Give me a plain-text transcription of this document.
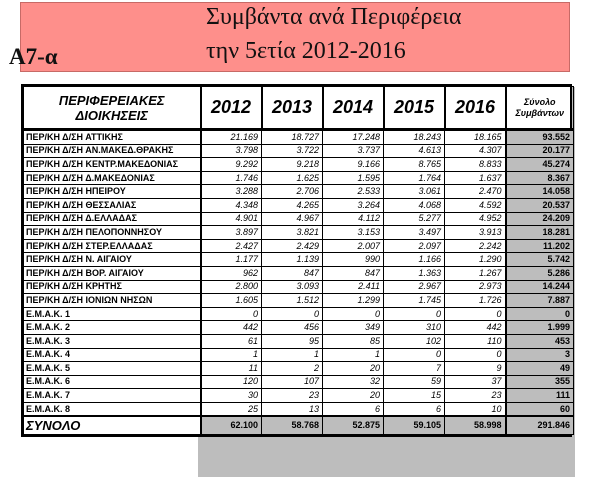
A7-α
Συμβάντα ανά Περιφέρεια
την 5ετία 2012-2016
ΠΕΡΙΦΕΡΕΙΑΚΕΣ
ΔΙΟΙΚΗΣΕΙΣ	2012	2013	2014	2015	2016	Σύνολο
Συμβάντων
ΠΕΡ/ΚΗ Δ/ΣΗ ΑΤΤΙΚΗΣ	21.169	18.727	17.248	18.243	18.165	93.552
ΠΕΡ/ΚΗ Δ/ΣΗ ΑΝ.ΜΑΚΕΔ.ΘΡΑΚΗΣ	3.798	3.722	3.737	4.613	4.307	20.177
ΠΕΡ/ΚΗ Δ/ΣΗ ΚΕΝΤΡ.ΜΑΚΕΔΟΝΙΑΣ	9.292	9.218	9.166	8.765	8.833	45.274
ΠΕΡ/ΚΗ Δ/ΣΗ Δ.ΜΑΚΕΔΟΝΙΑΣ	1.746	1.625	1.595	1.764	1.637	8.367
ΠΕΡ/ΚΗ Δ/ΣΗ ΗΠΕΙΡΟΥ	3.288	2.706	2.533	3.061	2.470	14.058
ΠΕΡ/ΚΗ Δ/ΣΗ ΘΕΣΣΑΛΙΑΣ	4.348	4.265	3.264	4.068	4.592	20.537
ΠΕΡ/ΚΗ Δ/ΣΗ Δ.ΕΛΛΑΔΑΣ	4.901	4.967	4.112	5.277	4.952	24.209
ΠΕΡ/ΚΗ Δ/ΣΗ ΠΕΛΟΠΟΝΝΗΣΟΥ	3.897	3.821	3.153	3.497	3.913	18.281
ΠΕΡ/ΚΗ Δ/ΣΗ ΣΤΕΡ.ΕΛΛΑΔΑΣ	2.427	2.429	2.007	2.097	2.242	11.202
ΠΕΡ/ΚΗ Δ/ΣΗ Ν. ΑΙΓΑΙΟΥ	1.177	1.139	990	1.166	1.290	5.742
ΠΕΡ/ΚΗ Δ/ΣΗ ΒΟΡ. ΑΙΓΑΙΟΥ	962	847	847	1.363	1.267	5.286
ΠΕΡ/ΚΗ Δ/ΣΗ ΚΡΗΤΗΣ	2.800	3.093	2.411	2.967	2.973	14.244
ΠΕΡ/ΚΗ Δ/ΣΗ ΙΟΝΙΩΝ ΝΗΣΩΝ	1.605	1.512	1.299	1.745	1.726	7.887
Ε.Μ.Α.Κ. 1	0	0	0	0	0	0
Ε.Μ.Α.Κ. 2	442	456	349	310	442	1.999
Ε.Μ.Α.Κ. 3	61	95	85	102	110	453
Ε.Μ.Α.Κ. 4	1	1	1	0	0	3
Ε.Μ.Α.Κ. 5	11	2	20	7	9	49
Ε.Μ.Α.Κ. 6	120	107	32	59	37	355
Ε.Μ.Α.Κ. 7	30	23	20	15	23	111
Ε.Μ.Α.Κ. 8	25	13	6	6	10	60
ΣΥΝΟΛΟ	62.100	58.768	52.875	59.105	58.998	291.846
